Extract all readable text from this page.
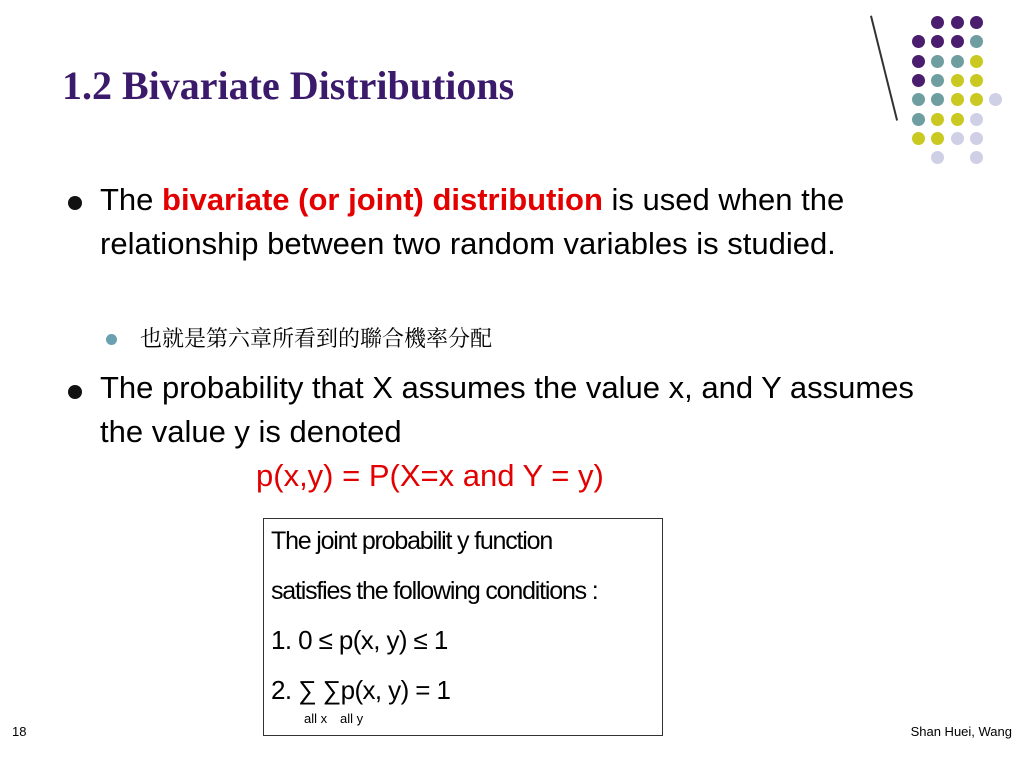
1.2 Bivariate Distributions

The bivariate (or joint) distribution is used when the relationship between two random variables is studied.

也就是第六章所看到的聯合機率分配

The probability that X assumes the value x, and Y assumes the value y is denoted

p(x,y) = P(X=x and Y = y)

The joint probabilit y function

satisfies the following conditions :

1. 0 ≤ p(x, y) ≤ 1

2. ∑ ∑p(x, y) = 1

all x all y

18	Shan Huei, Wang
